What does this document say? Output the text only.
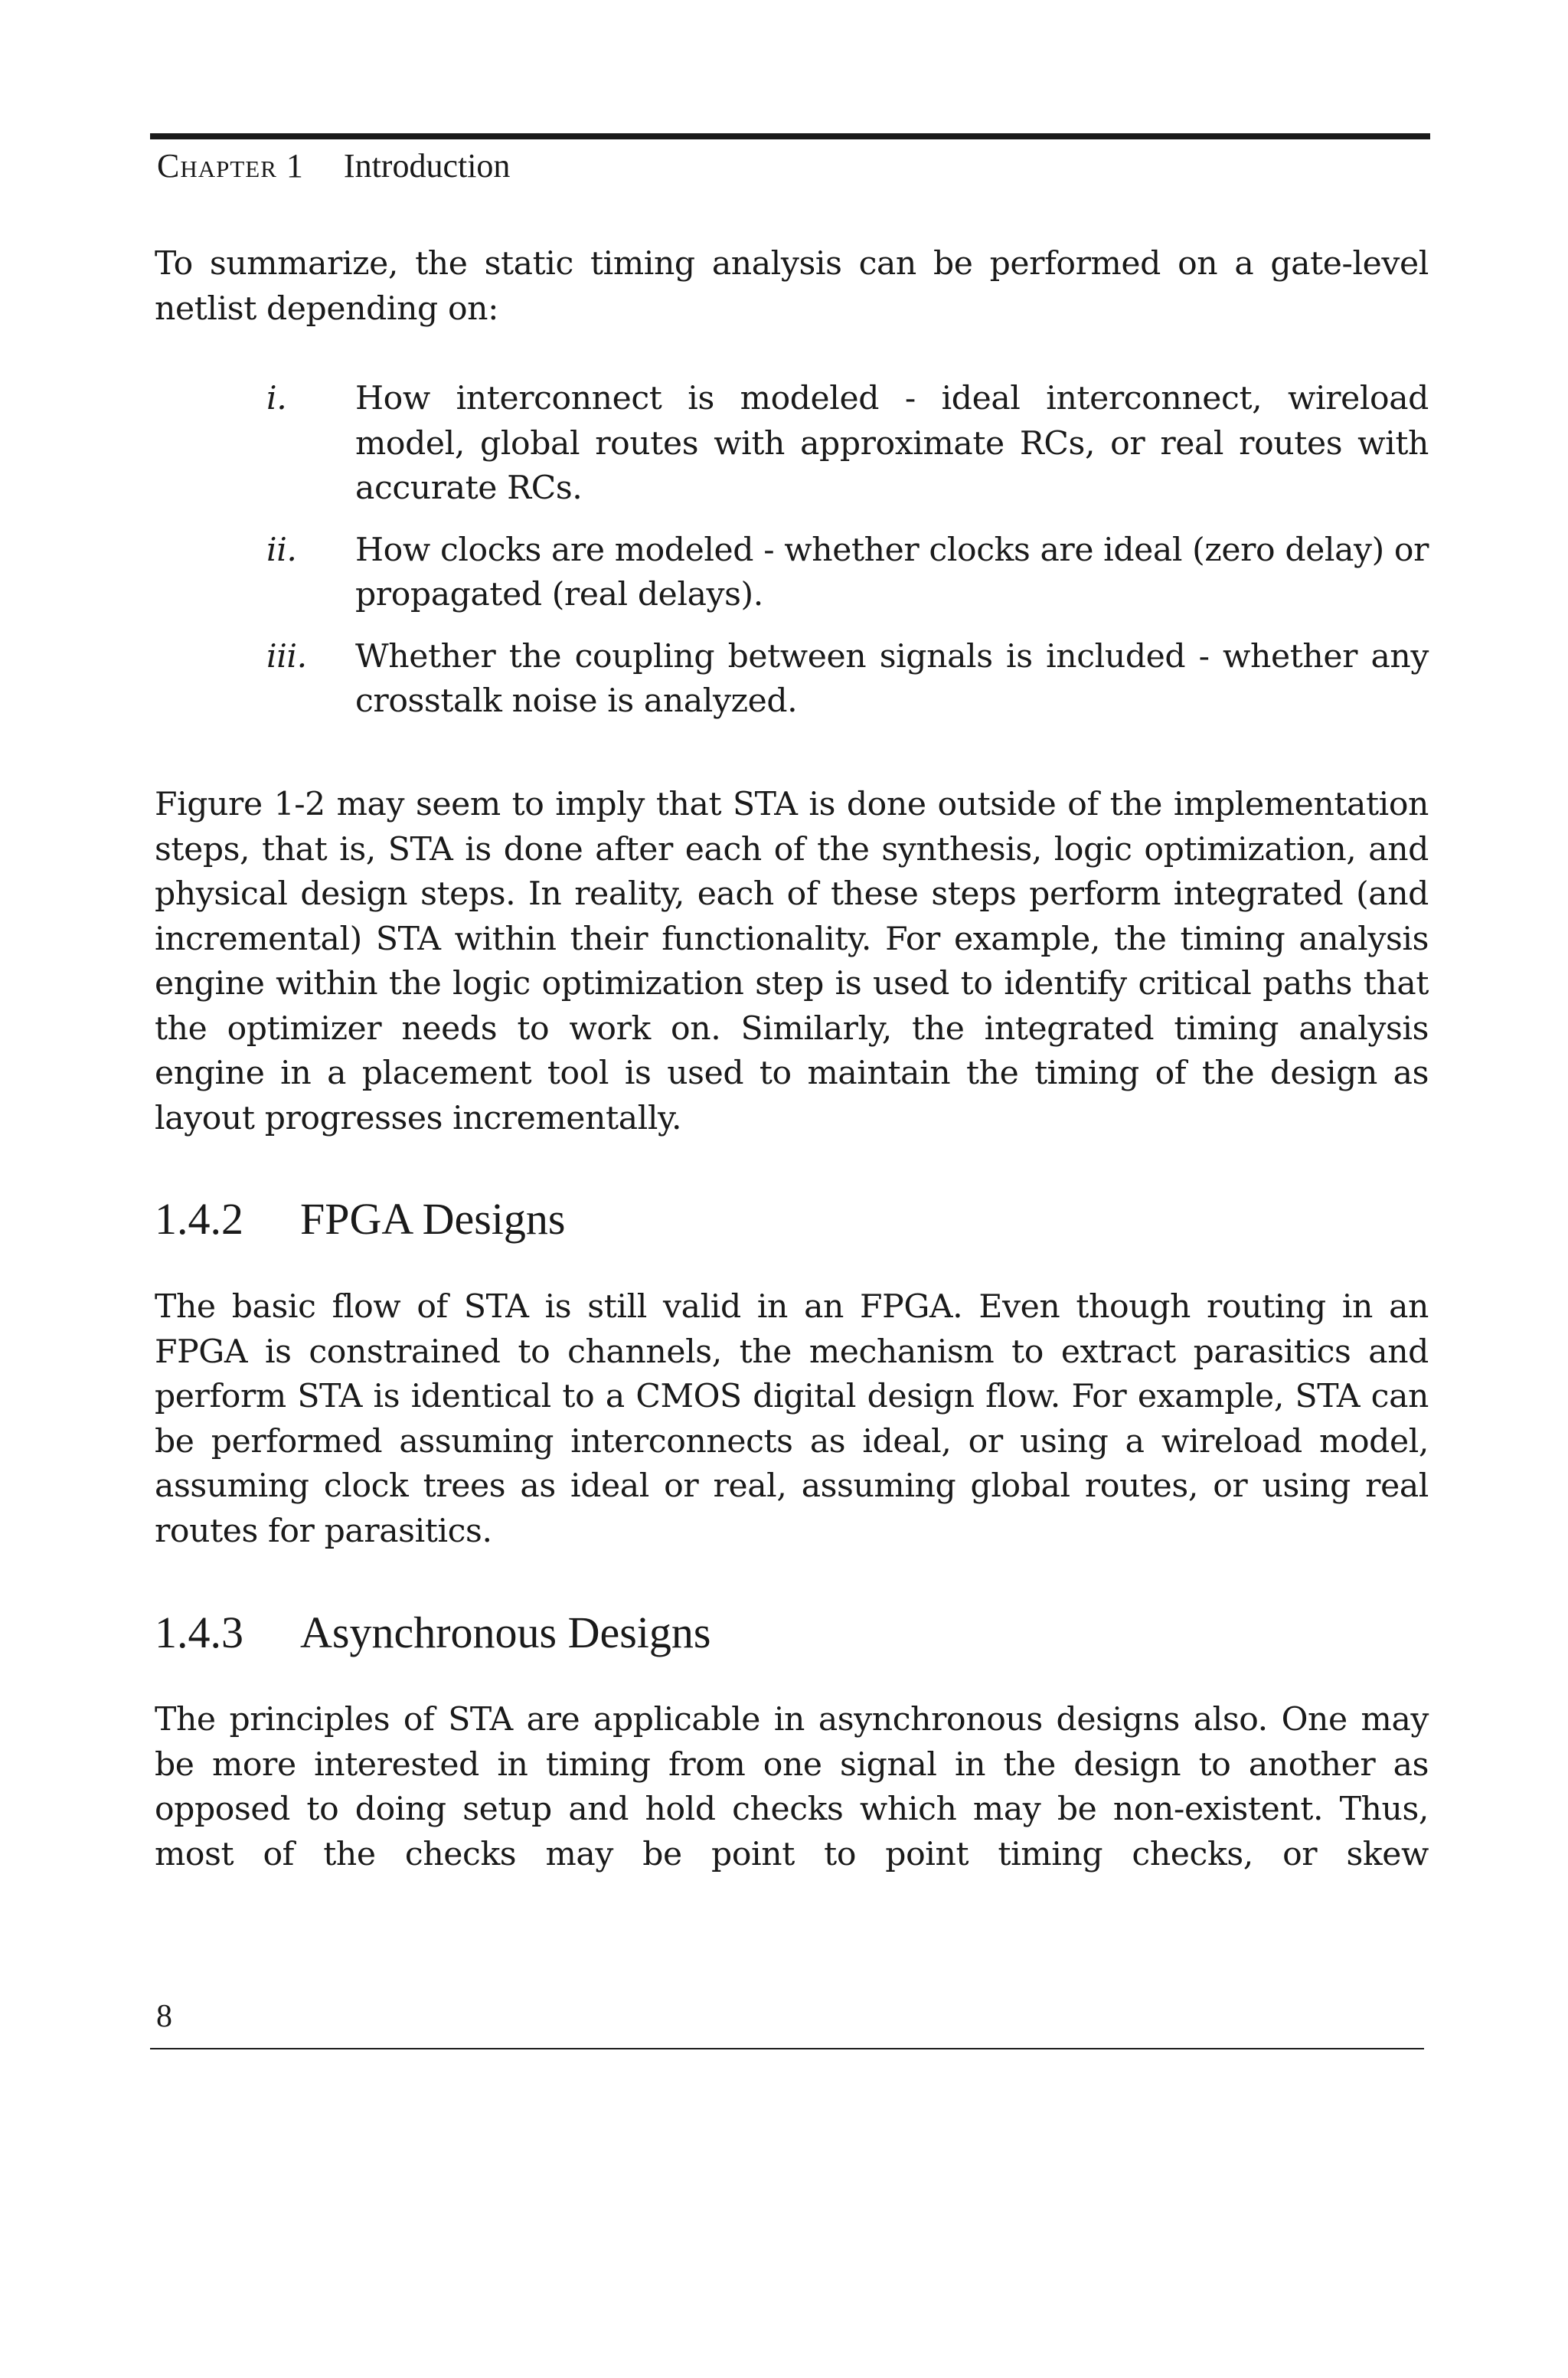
Chapter 1 Introduction

To summarize, the static timing analysis can be performed on a gate-level netlist depending on:

i. How interconnect is modeled - ideal interconnect, wireload model, global routes with approximate RCs, or real routes with accurate RCs.
ii. How clocks are modeled - whether clocks are ideal (zero delay) or propagated (real delays).
iii. Whether the coupling between signals is included - whether any crosstalk noise is analyzed.

Figure 1-2 may seem to imply that STA is done outside of the implementation steps, that is, STA is done after each of the synthesis, logic optimization, and physical design steps. In reality, each of these steps perform integrated (and incremental) STA within their functionality. For example, the timing analysis engine within the logic optimization step is used to identify critical paths that the optimizer needs to work on. Similarly, the integrated timing analysis engine in a placement tool is used to maintain the timing of the design as layout progresses incrementally.

1.4.2 FPGA Designs

The basic flow of STA is still valid in an FPGA. Even though routing in an FPGA is constrained to channels, the mechanism to extract parasitics and perform STA is identical to a CMOS digital design flow. For example, STA can be performed assuming interconnects as ideal, or using a wireload model, assuming clock trees as ideal or real, assuming global routes, or using real routes for parasitics.

1.4.3 Asynchronous Designs

The principles of STA are applicable in asynchronous designs also. One may be more interested in timing from one signal in the design to another as opposed to doing setup and hold checks which may be non-existent. Thus, most of the checks may be point to point timing checks, or skew

8
